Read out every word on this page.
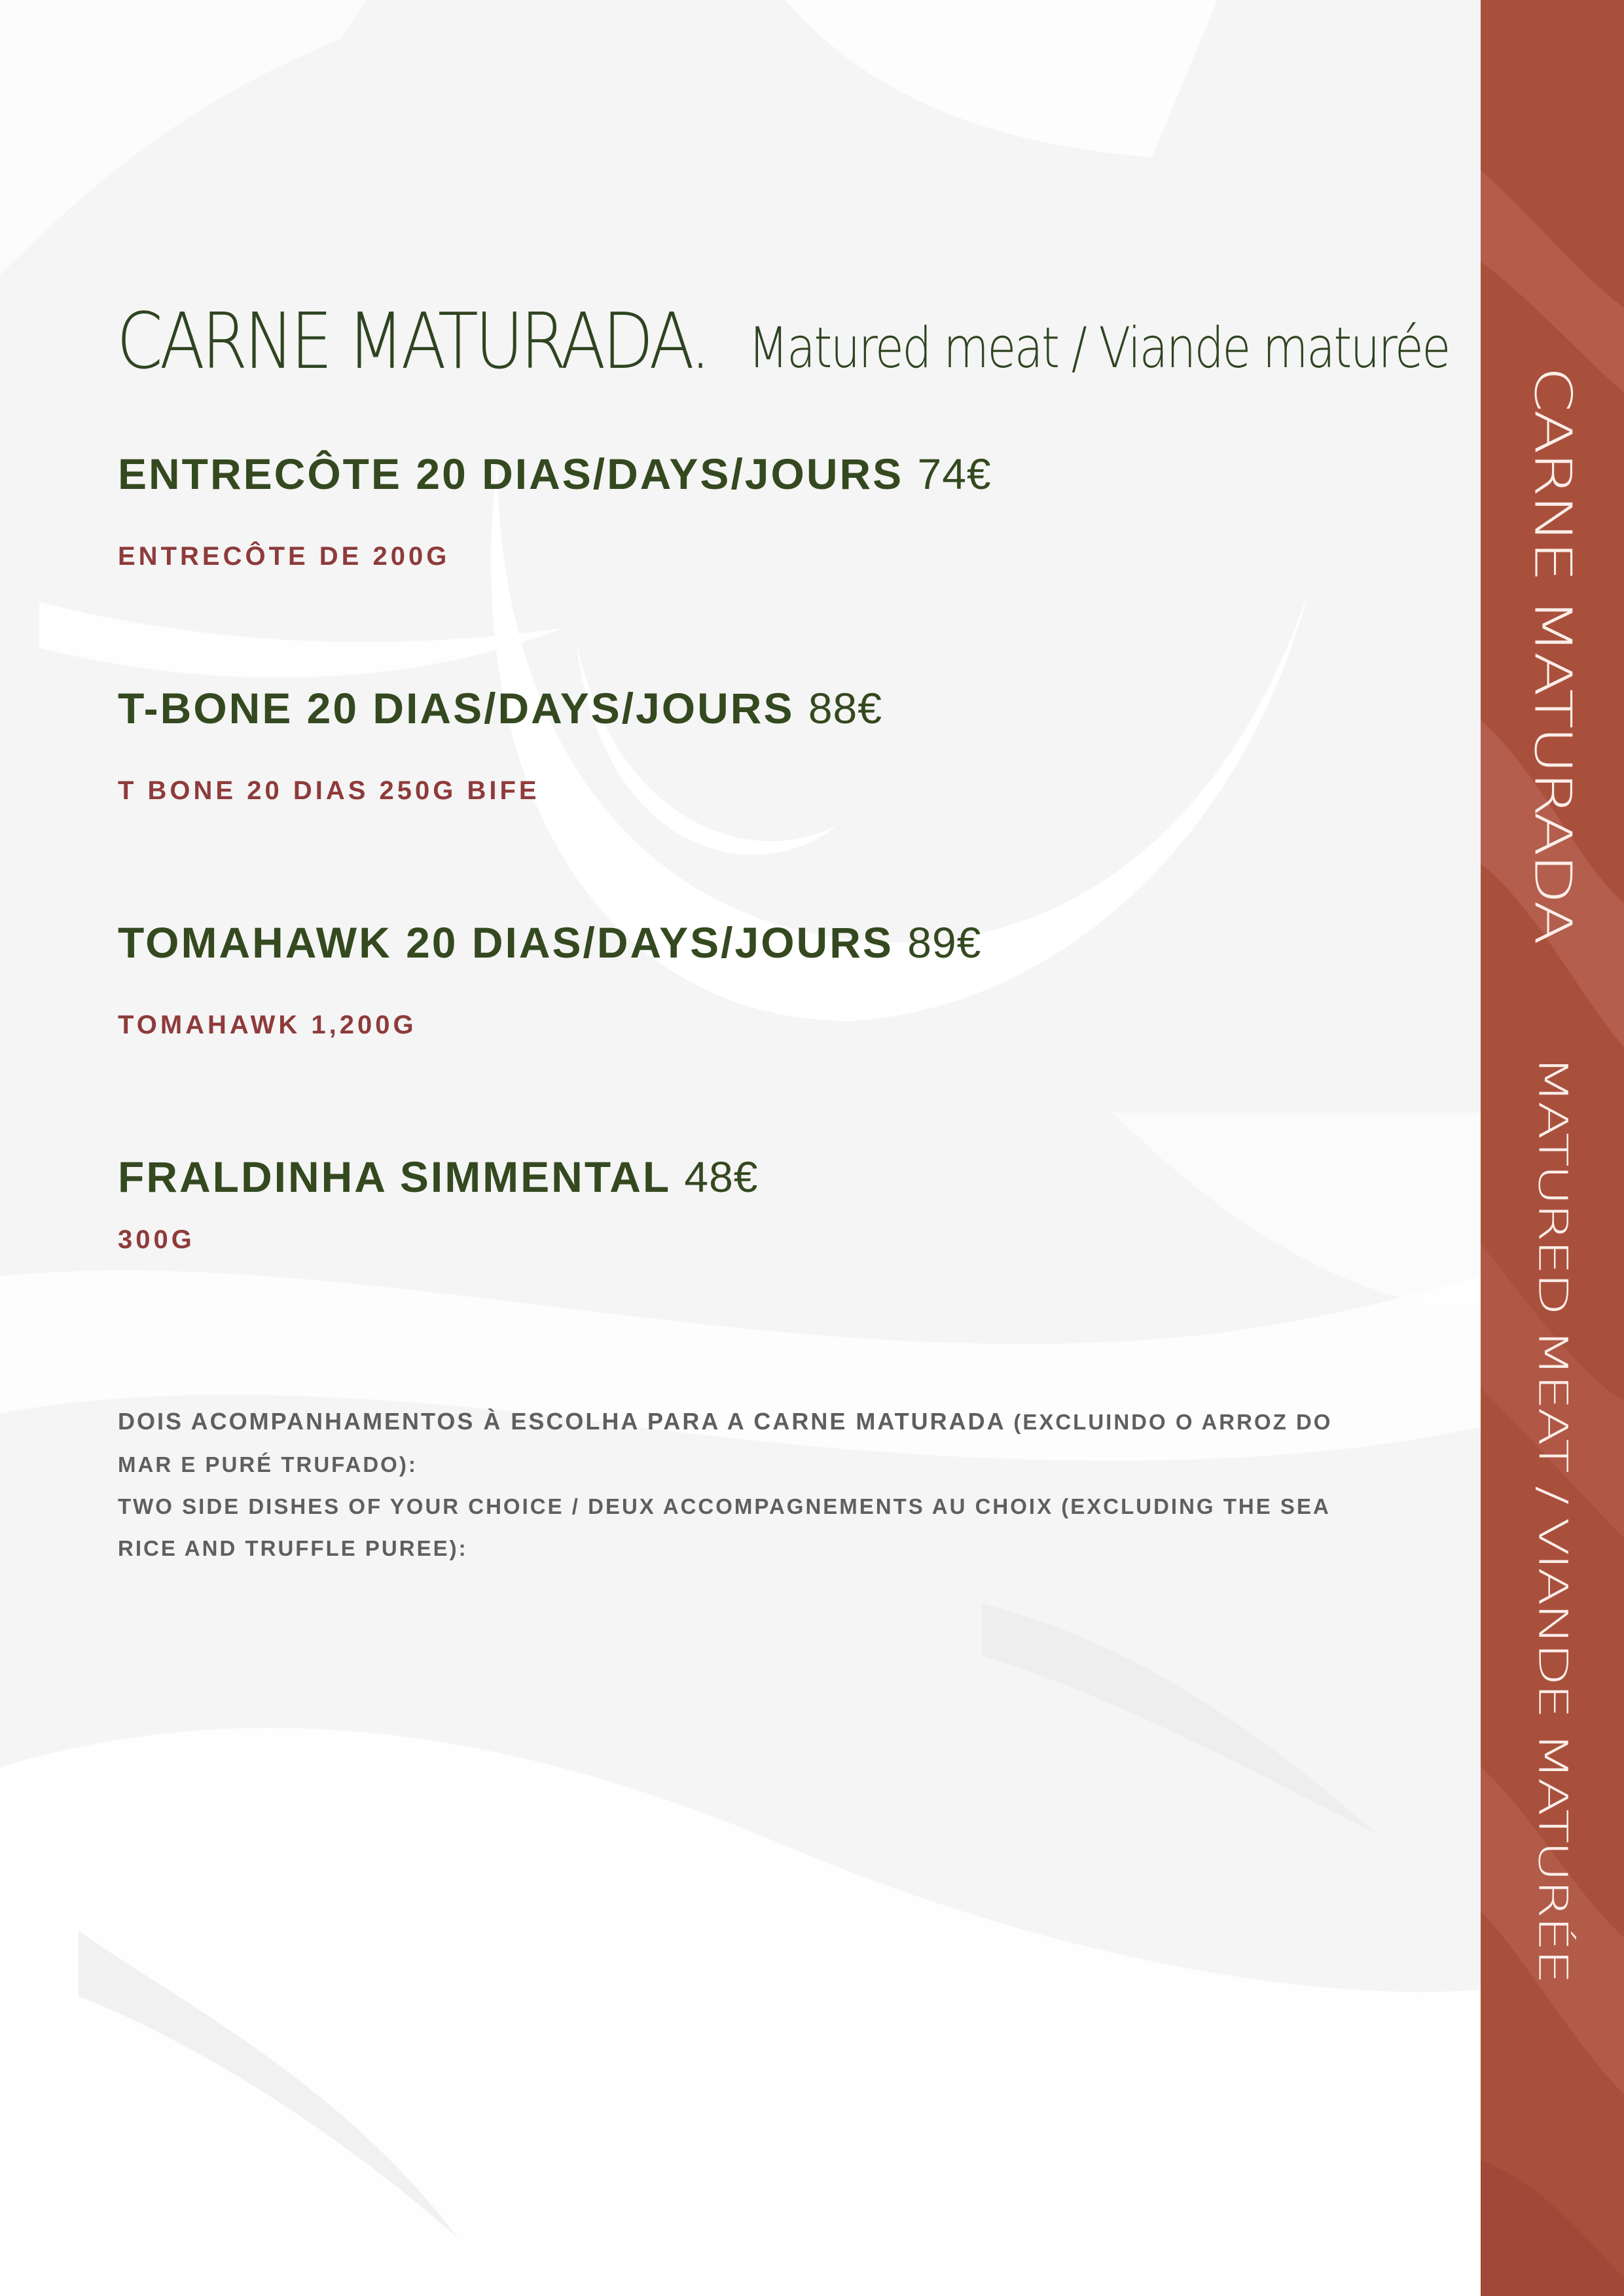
CARNE MATURADA
MATURED MEAT / VIANDE MATURÉE
CARNE MATURADA. Matured meat / Viande maturée
ENTRECÔTE 20 DIAS/DAYS/JOURS 74€
ENTRECÔTE DE 200G
T-BONE 20 DIAS/DAYS/JOURS 88€
T BONE 20 DIAS 250G BIFE
TOMAHAWK 20 DIAS/DAYS/JOURS 89€
TOMAHAWK 1,200G
FRALDINHA SIMMENTAL 48€
300G

DOIS ACOMPANHAMENTOS À ESCOLHA PARA A CARNE MATURADA (EXCLUINDO O ARROZ DO MAR E PURÉ TRUFADO):

TWO SIDE DISHES OF YOUR CHOICE / DEUX ACCOMPAGNEMENTS AU CHOIX (EXCLUDING THE SEA RICE AND TRUFFLE PUREE):
